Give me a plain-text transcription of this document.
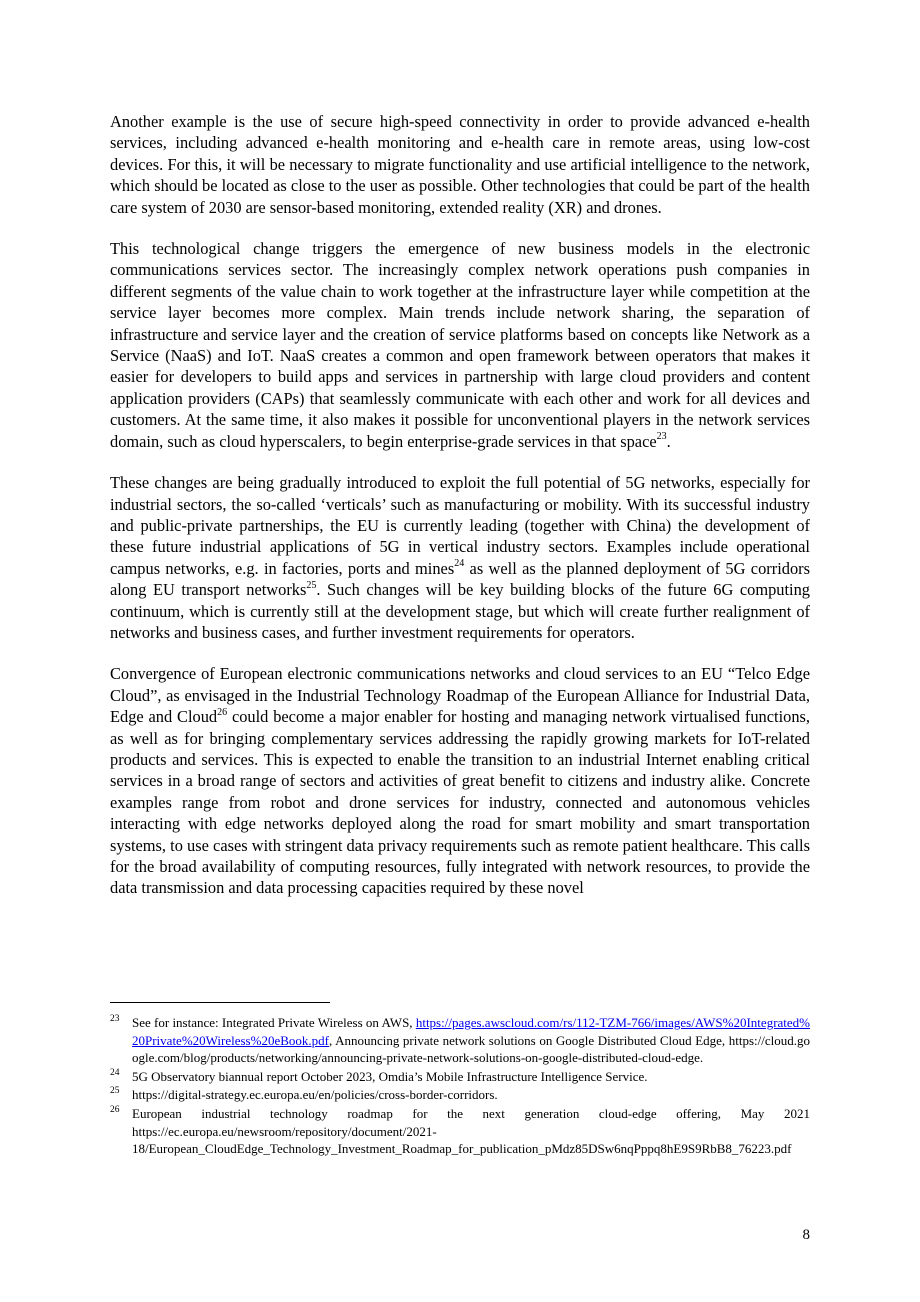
Another example is the use of secure high-speed connectivity in order to provide advanced e-health services, including advanced e-health monitoring and e-health care in remote areas, using low-cost devices. For this, it will be necessary to migrate functionality and use artificial intelligence to the network, which should be located as close to the user as possible. Other technologies that could be part of the health care system of 2030 are sensor-based monitoring, extended reality (XR) and drones.

This technological change triggers the emergence of new business models in the electronic communications services sector. The increasingly complex network operations push companies in different segments of the value chain to work together at the infrastructure layer while competition at the service layer becomes more complex. Main trends include network sharing, the separation of infrastructure and service layer and the creation of service platforms based on concepts like Network as a Service (NaaS) and IoT. NaaS creates a common and open framework between operators that makes it easier for developers to build apps and services in partnership with large cloud providers and content application providers (CAPs) that seamlessly communicate with each other and work for all devices and customers. At the same time, it also makes it possible for unconventional players in the network services domain, such as cloud hyperscalers, to begin enterprise-grade services in that space$^{23}$.

These changes are being gradually introduced to exploit the full potential of 5G networks, especially for industrial sectors, the so-called ‘verticals’ such as manufacturing or mobility. With its successful industry and public-private partnerships, the EU is currently leading (together with China) the development of these future industrial applications of 5G in vertical industry sectors. Examples include operational campus networks, e.g. in factories, ports and mines$^{24}$ as well as the planned deployment of 5G corridors along EU transport networks$^{25}$. Such changes will be key building blocks of the future 6G computing continuum, which is currently still at the development stage, but which will create further realignment of networks and business cases, and further investment requirements for operators.

Convergence of European electronic communications networks and cloud services to an EU “Telco Edge Cloud”, as envisaged in the Industrial Technology Roadmap of the European Alliance for Industrial Data, Edge and Cloud$^{26}$ could become a major enabler for hosting and managing network virtualised functions, as well as for bringing complementary services addressing the rapidly growing markets for IoT-related products and services. This is expected to enable the transition to an industrial Internet enabling critical services in a broad range of sectors and activities of great benefit to citizens and industry alike. Concrete examples range from robot and drone services for industry, connected and autonomous vehicles interacting with edge networks deployed along the road for smart mobility and smart transportation systems, to use cases with stringent data privacy requirements such as remote patient healthcare. This calls for the broad availability of computing resources, fully integrated with network resources, to provide the data transmission and data processing capacities required by these novel

23 See for instance: Integrated Private Wireless on AWS, https://pages.awscloud.com/rs/112-TZM-766/images/AWS%20Integrated%20Private%20Wireless%20eBook.pdf, Announcing private network solutions on Google Distributed Cloud Edge, https://cloud.google.com/blog/products/networking/announcing-private-network-solutions-on-google-distributed-cloud-edge.
24 5G Observatory biannual report October 2023, Omdia’s Mobile Infrastructure Intelligence Service.
25 https://digital-strategy.ec.europa.eu/en/policies/cross-border-corridors.
26 European industrial technology roadmap for the next generation cloud-edge offering, May 2021
https://ec.europa.eu/newsroom/repository/document/2021-
18/European_CloudEdge_Technology_Investment_Roadmap_for_publication_pMdz85DSw6nqPppq8hE9S9RbB8_76223.pdf
8
